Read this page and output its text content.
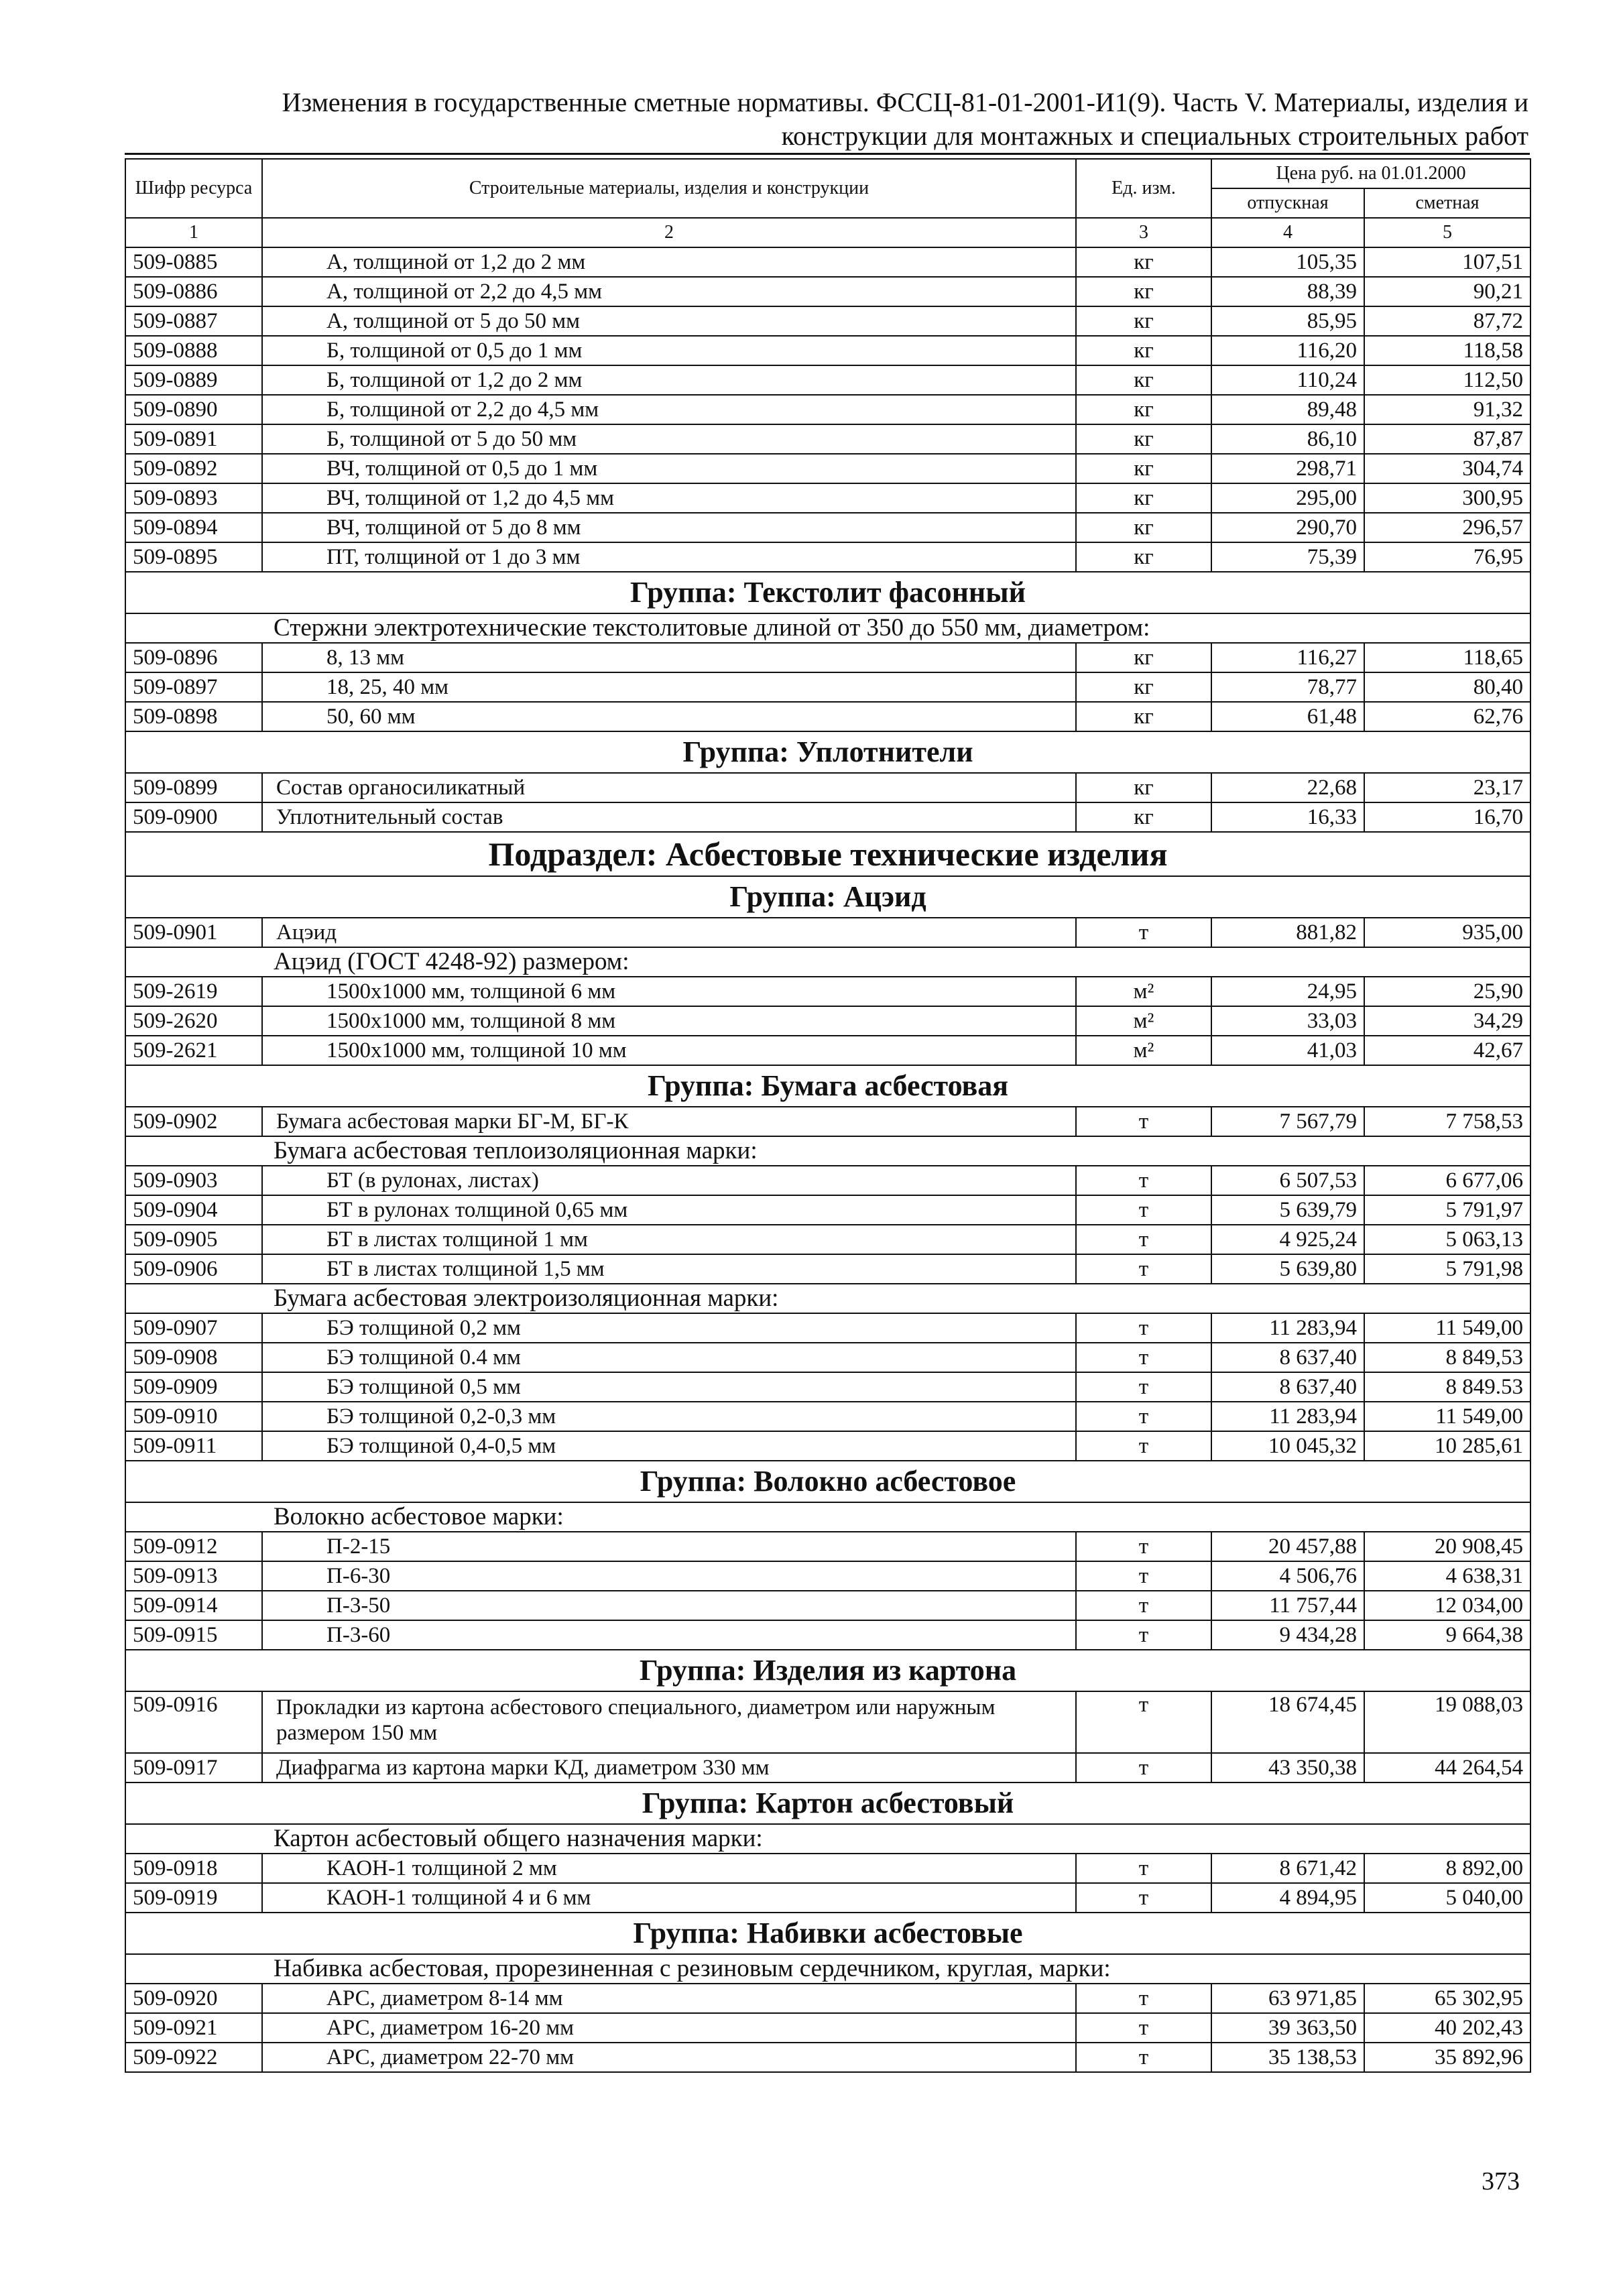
Изменения в государственные сметные нормативы. ФССЦ-81-01-2001-И1(9). Часть V. Материалы, изделия и
конструкции для монтажных и специальных строительных работ
Шифр ресурса	Строительные материалы, изделия и конструкции	Ед. изм.	Цена руб. на 01.01.2000	
			отпускная	сметная
1	2	3	4	5
509-0885	А, толщиной от 1,2 до 2 мм	кг	105,35	107,51
509-0886	А, толщиной от 2,2 до 4,5 мм	кг	88,39	90,21
509-0887	А, толщиной от 5 до 50 мм	кг	85,95	87,72
509-0888	Б, толщиной от 0,5 до 1 мм	кг	116,20	118,58
509-0889	Б, толщиной от 1,2 до 2 мм	кг	110,24	112,50
509-0890	Б, толщиной от 2,2 до 4,5 мм	кг	89,48	91,32
509-0891	Б, толщиной от 5 до 50 мм	кг	86,10	87,87
509-0892	ВЧ, толщиной от 0,5 до 1 мм	кг	298,71	304,74
509-0893	ВЧ, толщиной от 1,2 до 4,5 мм	кг	295,00	300,95
509-0894	ВЧ, толщиной от 5 до 8 мм	кг	290,70	296,57
509-0895	ПТ, толщиной от 1 до 3 мм	кг	75,39	76,95
Группа: Текстолит фасонный				
Стержни электротехнические текстолитовые длиной от 350 до 550 мм, диаметром:				
509-0896	8, 13 мм	кг	116,27	118,65
509-0897	18, 25, 40 мм	кг	78,77	80,40
509-0898	50, 60 мм	кг	61,48	62,76
Группа: Уплотнители				
509-0899	Состав органосиликатный	кг	22,68	23,17
509-0900	Уплотнительный состав	кг	16,33	16,70
Подраздел: Асбестовые технические изделия				
Группа: Ацэид				
509-0901	Ацэид	т	881,82	935,00
Ацэид (ГОСТ 4248-92) размером:				
509-2619	1500x1000 мм, толщиной 6 мм	м²	24,95	25,90
509-2620	1500x1000 мм, толщиной 8 мм	м²	33,03	34,29
509-2621	1500x1000 мм, толщиной 10 мм	м²	41,03	42,67
Группа: Бумага асбестовая				
509-0902	Бумага асбестовая марки БГ-М, БГ-К	т	7 567,79	7 758,53
Бумага асбестовая теплоизоляционная марки:				
509-0903	БТ (в рулонах, листах)	т	6 507,53	6 677,06
509-0904	БТ в рулонах толщиной 0,65 мм	т	5 639,79	5 791,97
509-0905	БТ в листах толщиной 1 мм	т	4 925,24	5 063,13
509-0906	БТ в листах толщиной 1,5 мм	т	5 639,80	5 791,98
Бумага асбестовая электроизоляционная марки:				
509-0907	БЭ толщиной 0,2 мм	т	11 283,94	11 549,00
509-0908	БЭ толщиной 0.4 мм	т	8 637,40	8 849,53
509-0909	БЭ толщиной 0,5 мм	т	8 637,40	8 849.53
509-0910	БЭ толщиной 0,2-0,3 мм	т	11 283,94	11 549,00
509-0911	БЭ толщиной 0,4-0,5 мм	т	10 045,32	10 285,61
Группа: Волокно асбестовое				
Волокно асбестовое марки:				
509-0912	П-2-15	т	20 457,88	20 908,45
509-0913	П-6-30	т	4 506,76	4 638,31
509-0914	П-3-50	т	11 757,44	12 034,00
509-0915	П-3-60	т	9 434,28	9 664,38
Группа: Изделия из картона				
509-0916	Прокладки из картона асбестового специального, диаметром или наружным размером 150 мм	т	18 674,45	19 088,03
509-0917	Диафрагма из картона марки КД, диаметром 330 мм	т	43 350,38	44 264,54
Группа: Картон асбестовый				
Картон асбестовый общего назначения марки:				
509-0918	КАОН-1 толщиной 2 мм	т	8 671,42	8 892,00
509-0919	КАОН-1 толщиной 4 и 6 мм	т	4 894,95	5 040,00
Группа: Набивки асбестовые				
Набивка асбестовая, прорезиненная с резиновым сердечником, круглая, марки:				
509-0920	АРС, диаметром 8-14 мм	т	63 971,85	65 302,95
509-0921	АРС, диаметром 16-20 мм	т	39 363,50	40 202,43
509-0922	АРС, диаметром 22-70 мм	т	35 138,53	35 892,96
373
